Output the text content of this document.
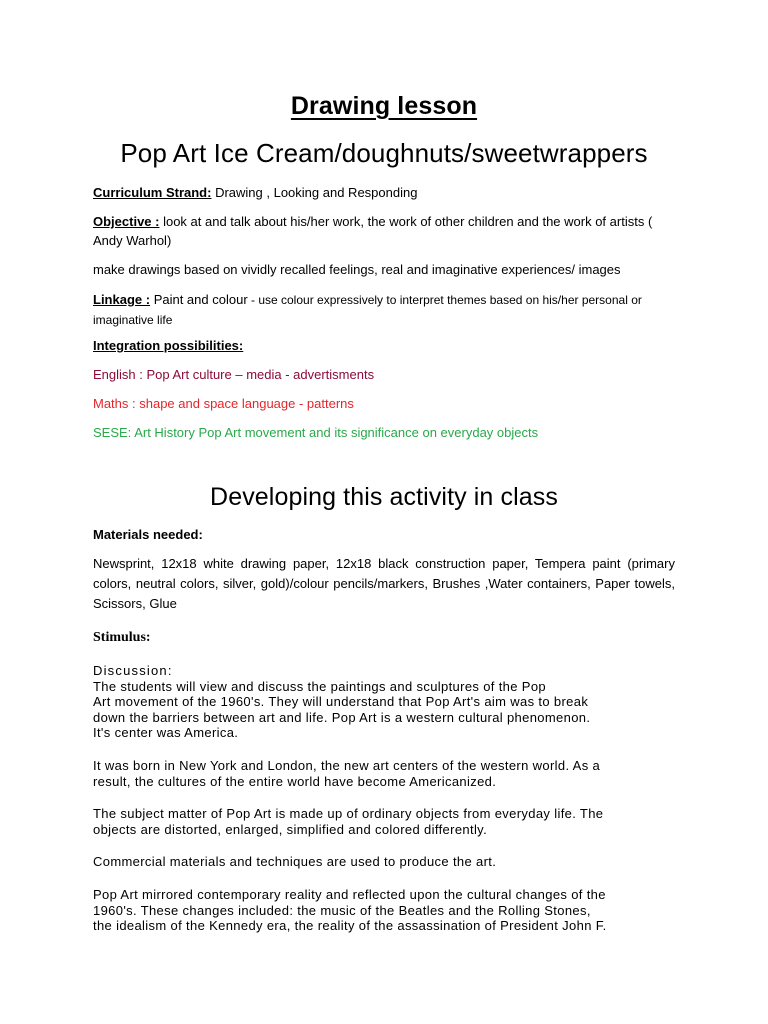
Drawing lesson
Pop Art Ice Cream/doughnuts/sweetwrappers

Curriculum Strand: Drawing , Looking and Responding

Objective : look at and talk about his/her work, the work of other children and the work of artists ( Andy Warhol)

make drawings based on vividly recalled feelings, real and imaginative experiences/ images

Linkage : Paint and colour - use colour expressively to interpret themes based on his/her personal or imaginative life

Integration possibilities:

English : Pop Art culture – media - advertisments

Maths : shape and space language - patterns

SESE: Art History Pop Art movement and its significance on everyday objects

Developing this activity in class

Materials needed:

Newsprint, 12x18 white drawing paper, 12x18 black construction paper, Tempera paint (primary colors, neutral colors, silver, gold)/colour pencils/markers, Brushes ,Water containers, Paper towels, Scissors, Glue

Stimulus:

Discussion:
The students will view and discuss the paintings and sculptures of the Pop
Art movement of the 1960's. They will understand that Pop Art's aim was to break
down the barriers between art and life. Pop Art is a western cultural phenomenon.
It's center was America.
It was born in New York and London, the new art centers of the western world. As a
result, the cultures of the entire world have become Americanized.
The subject matter of Pop Art is made up of ordinary objects from everyday life. The
objects are distorted, enlarged, simplified and colored differently.
Commercial materials and techniques are used to produce the art.
Pop Art mirrored contemporary reality and reflected upon the cultural changes of the
1960's. These changes included: the music of the Beatles and the Rolling Stones,
the idealism of the Kennedy era, the reality of the assassination of President John F.
